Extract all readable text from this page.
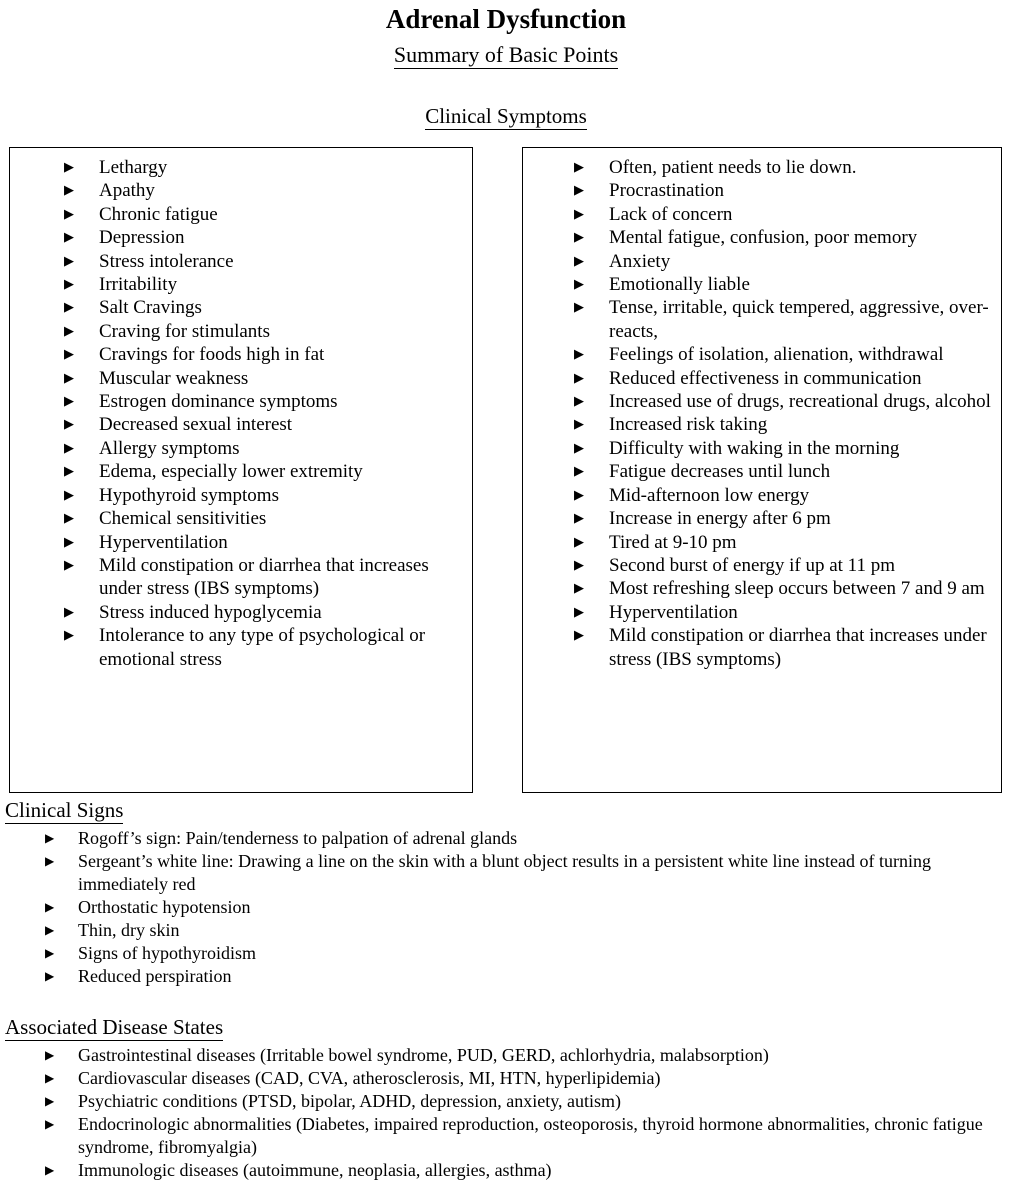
Adrenal Dysfunction
Summary of Basic Points
Clinical Symptoms
▶ Lethargy
▶ Apathy
▶ Chronic fatigue
▶ Depression
▶ Stress intolerance
▶ Irritability
▶ Salt Cravings
▶ Craving for stimulants
▶ Cravings for foods high in fat
▶ Muscular weakness
▶ Estrogen dominance symptoms
▶ Decreased sexual interest
▶ Allergy symptoms
▶ Edema, especially lower extremity
▶ Hypothyroid symptoms
▶ Chemical sensitivities
▶ Hyperventilation
▶ Mild constipation or diarrhea that increases under stress (IBS symptoms)
▶ Stress induced hypoglycemia
▶ Intolerance to any type of psychological or emotional stress
▶ Often, patient needs to lie down.
▶ Procrastination
▶ Lack of concern
▶ Mental fatigue, confusion, poor memory
▶ Anxiety
▶ Emotionally liable
▶ Tense, irritable, quick tempered, aggressive, over-reacts,
▶ Feelings of isolation, alienation, withdrawal
▶ Reduced effectiveness in communication
▶ Increased use of drugs, recreational drugs, alcohol
▶ Increased risk taking
▶ Difficulty with waking in the morning
▶ Fatigue decreases until lunch
▶ Mid-afternoon low energy
▶ Increase in energy after 6 pm
▶ Tired at 9-10 pm
▶ Second burst of energy if up at 11 pm
▶ Most refreshing sleep occurs between 7 and 9 am
▶ Hyperventilation
▶ Mild constipation or diarrhea that increases under stress (IBS symptoms)
Clinical Signs
▶ Rogoff’s sign: Pain/tenderness to palpation of adrenal glands
▶ Sergeant’s white line: Drawing a line on the skin with a blunt object results in a persistent white line instead of turning immediately red
▶ Orthostatic hypotension
▶ Thin, dry skin
▶ Signs of hypothyroidism
▶ Reduced perspiration
Associated Disease States
▶ Gastrointestinal diseases (Irritable bowel syndrome, PUD, GERD, achlorhydria, malabsorption)
▶ Cardiovascular diseases (CAD, CVA, atherosclerosis, MI, HTN, hyperlipidemia)
▶ Psychiatric conditions (PTSD, bipolar, ADHD, depression, anxiety, autism)
▶ Endocrinologic abnormalities (Diabetes, impaired reproduction, osteoporosis, thyroid hormone abnormalities, chronic fatigue syndrome, fibromyalgia)
▶ Immunologic diseases (autoimmune, neoplasia, allergies, asthma)
